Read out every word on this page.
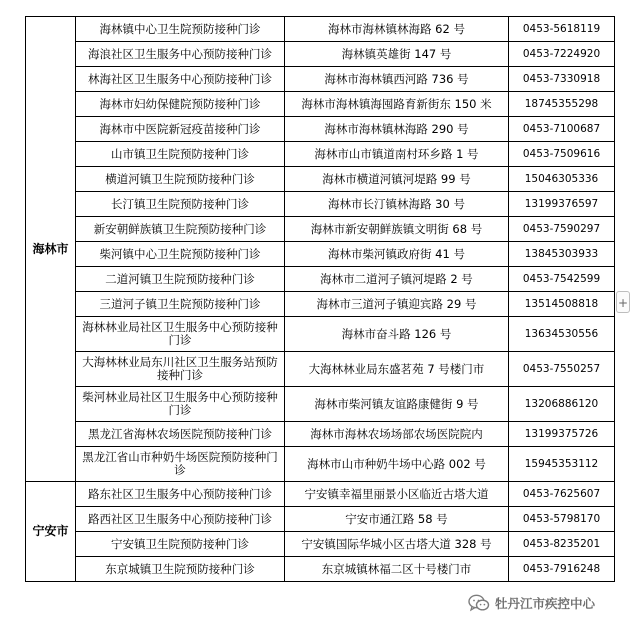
海林市	海林镇中心卫生院预防接种门诊	海林市海林镇林海路 62 号	0453-5618119
	海浪社区卫生服务中心预防接种门诊	海林镇英雄街 147 号	0453-7224920
	林海社区卫生服务中心预防接种门诊	海林市海林镇西河路 736 号	0453-7330918
	海林市妇幼保健院预防接种门诊	海林市海林镇海囤路育新街东 150 米	18745355298
	海林市中医院新冠疫苗接种门诊	海林市海林镇林海路 290 号	0453-7100687
	山市镇卫生院预防接种门诊	海林市山市镇道南村环乡路 1 号	0453-7509616
	横道河镇卫生院预防接种门诊	海林市横道河镇河堤路 99 号	15046305336
	长汀镇卫生院预防接种门诊	海林市长汀镇林海路 30 号	13199376597
	新安朝鲜族镇卫生院预防接种门诊	海林市新安朝鲜族镇文明街 68 号	0453-7590297
	柴河镇中心卫生院预防接种门诊	海林市柴河镇政府街 41 号	13845303933
	二道河镇卫生院预防接种门诊	海林市二道河子镇河堤路 2 号	0453-7542599
	三道河子镇卫生院预防接种门诊	海林市三道河子镇迎宾路 29 号	13514508818
	海林林业局社区卫生服务中心预防接种门诊	海林市奋斗路 126 号	13634530556
	大海林林业局东川社区卫生服务站预防接种门诊	大海林林业局东盛茗苑 7 号楼门市	0453-7550257
	柴河林业局社区卫生服务中心预防接种门诊	海林市柴河镇友谊路康健街 9 号	13206886120
	黑龙江省海林农场医院预防接种门诊	海林市海林农场场部农场医院院内	13199375726
	黑龙江省山市种奶牛场医院预防接种门诊	海林市山市种奶牛场中心路 002 号	15945353112
宁安市	路东社区卫生服务中心预防接种门诊	宁安镇幸福里丽景小区临近古塔大道	0453-7625607
	路西社区卫生服务中心预防接种门诊	宁安市通江路 58 号	0453-5798170
	宁安镇卫生院预防接种门诊	宁安镇国际华城小区古塔大道 328 号	0453-8235201
	东京城镇卫生院预防接种门诊	东京城镇林福二区十号楼门市	0453-7916248
+
牡丹江市疾控中心
